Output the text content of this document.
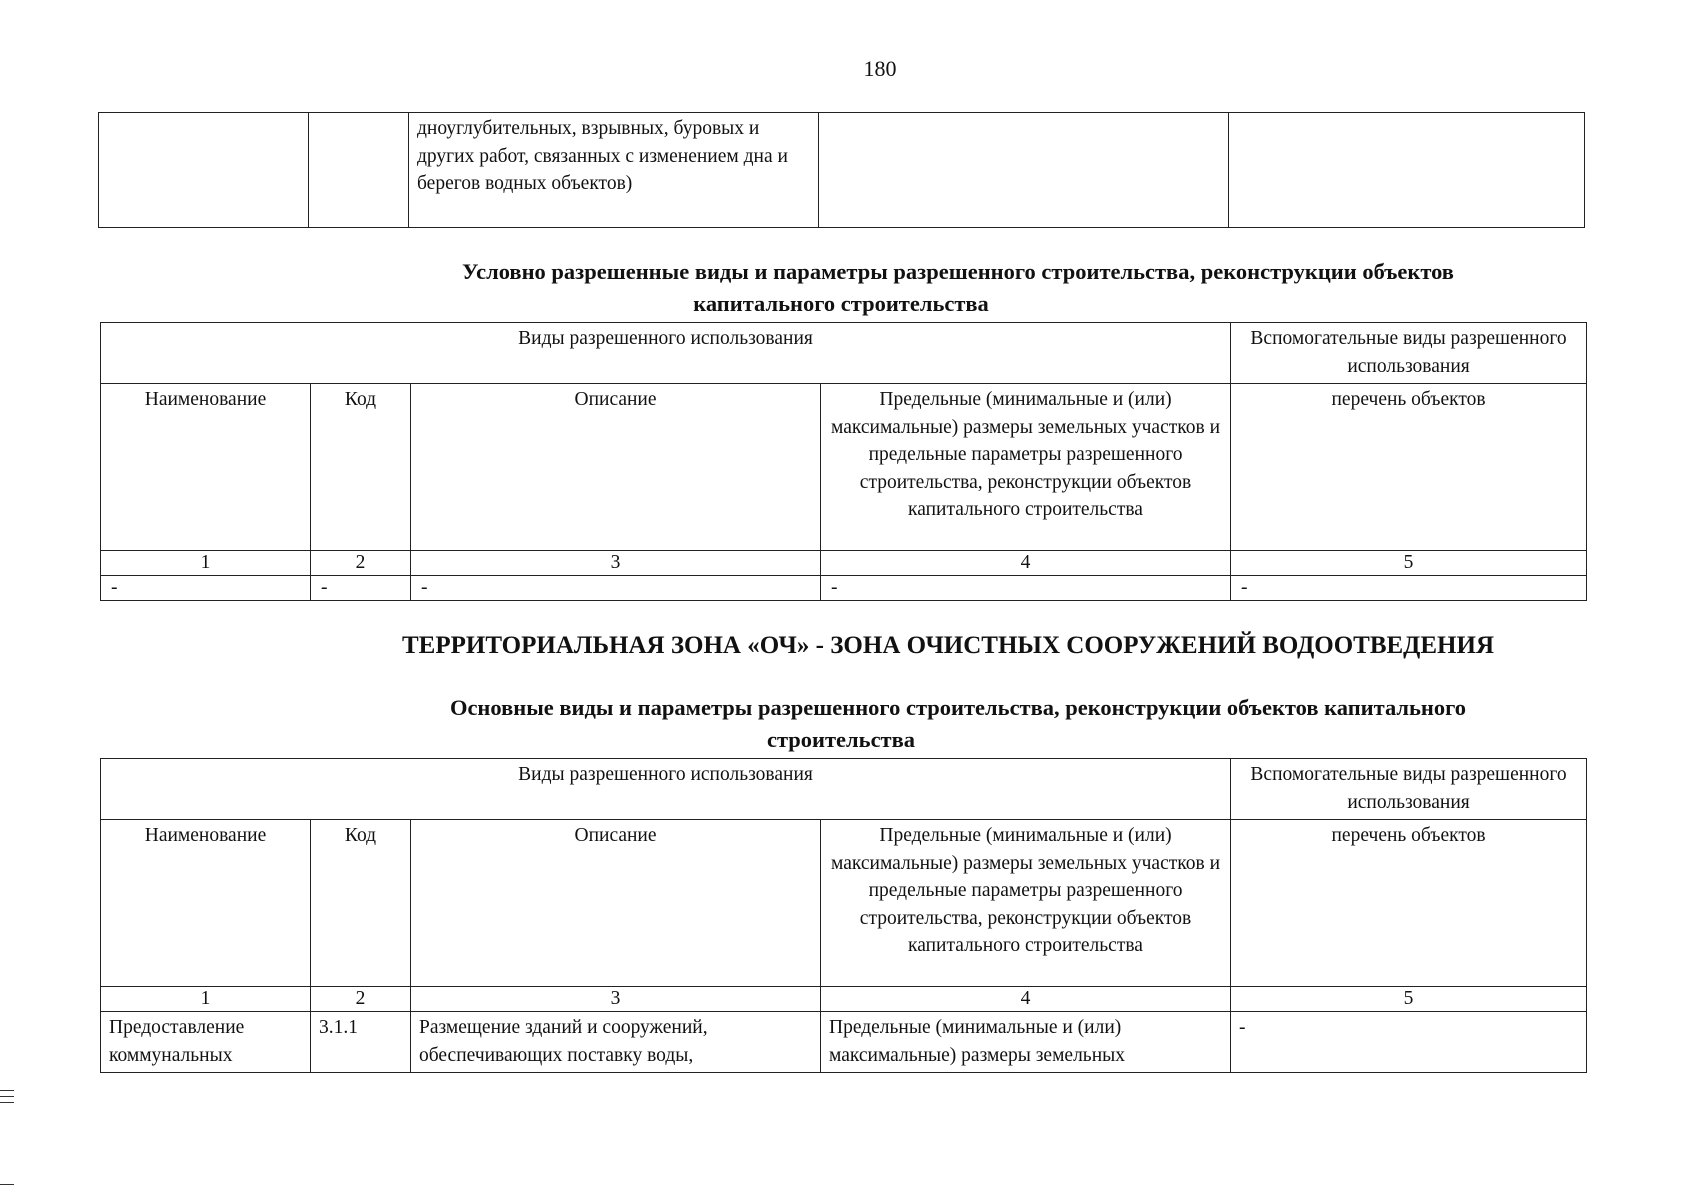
180
		дноуглубительных, взрывных, буровых и других работ, связанных с изменением дна и берегов водных объектов)		
Условно разрешенные виды и параметры разрешенного строительства, реконструкции объектов
капитального строительства
Виды разрешенного использования				Вспомогательные виды разрешенного использования
Наименование	Код	Описание	Предельные (минимальные и (или) максимальные) размеры земельных участков и предельные параметры разрешенного строительства, реконструкции объектов капитального строительства	перечень объектов
1	2	3	4	5
-	-	-	-	-
ТЕРРИТОРИАЛЬНАЯ ЗОНА «ОЧ» - ЗОНА ОЧИСТНЫХ СООРУЖЕНИЙ ВОДООТВЕДЕНИЯ
Основные виды и параметры разрешенного строительства, реконструкции объектов капитального
строительства
Виды разрешенного использования				Вспомогательные виды разрешенного использования
Наименование	Код	Описание	Предельные (минимальные и (или) максимальные) размеры земельных участков и предельные параметры разрешенного строительства, реконструкции объектов капитального строительства	перечень объектов
1	2	3	4	5
Предоставление коммунальных	3.1.1	Размещение зданий и сооружений, обеспечивающих поставку воды,	Предельные (минимальные и (или) максимальные) размеры земельных	-
